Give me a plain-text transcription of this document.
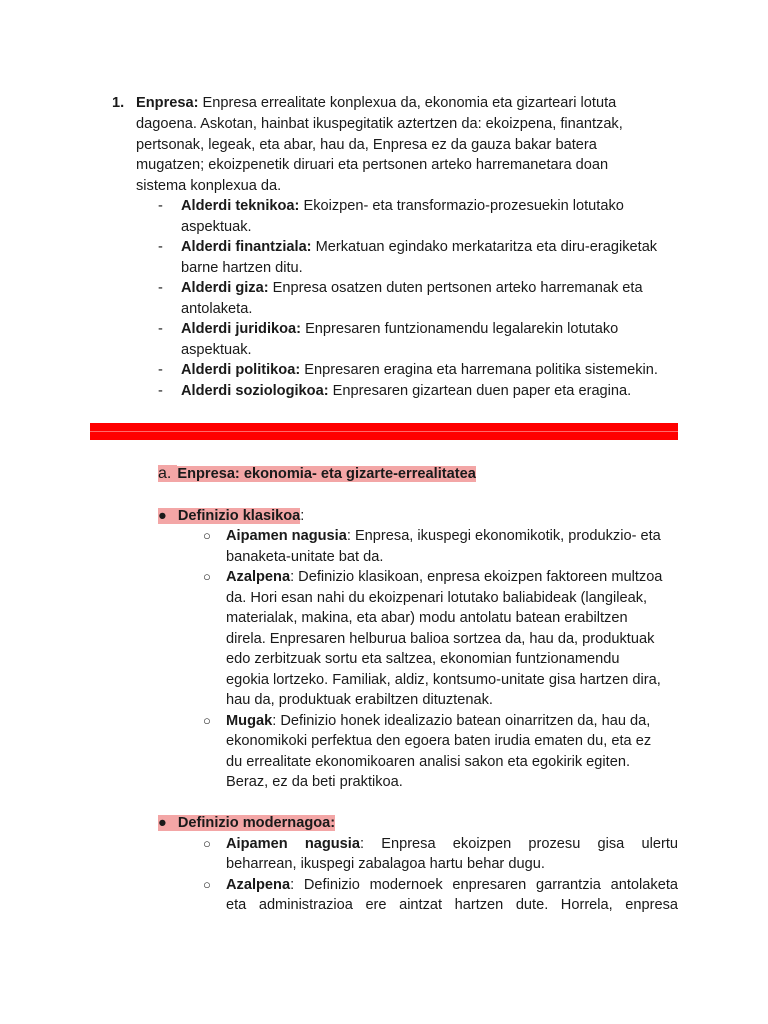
1. Enpresa: Enpresa errealitate konplexua da, ekonomia eta gizarteari lotuta
dagoena. Askotan, hainbat ikuspegitatik aztertzen da: ekoizpena, finantzak,
pertsonak, legeak, eta abar, hau da, Enpresa ez da gauza bakar batera
mugatzen; ekoizpenetik diruari eta pertsonen arteko harremanetara doan
sistema konplexua da.
- Alderdi teknikoa: Ekoizpen- eta transformazio-prozesuekin lotutako
aspektuak.
- Alderdi finantziala: Merkatuan egindako merkataritza eta diru-eragiketak
barne hartzen ditu.
- Alderdi giza: Enpresa osatzen duten pertsonen arteko harremanak eta
antolaketa.
- Alderdi juridikoa: Enpresaren funtzionamendu legalarekin lotutako
aspektuak.
- Alderdi politikoa: Enpresaren eragina eta harremana politika sistemekin.
- Alderdi soziologikoa: Enpresaren gizartean duen paper eta eragina.
a. Enpresa: ekonomia- eta gizarte-errealitatea
● Definizio klasikoa:
○ Aipamen nagusia: Enpresa, ikuspegi ekonomikotik, produkzio- eta
banaketa-unitate bat da.
○ Azalpena: Definizio klasikoan, enpresa ekoizpen faktoreen multzoa
da. Hori esan nahi du ekoizpenari lotutako baliabideak (langileak,
materialak, makina, eta abar) modu antolatu batean erabiltzen
direla. Enpresaren helburua balioa sortzea da, hau da, produktuak
edo zerbitzuak sortu eta saltzea, ekonomian funtzionamendu
egokia lortzeko. Familiak, aldiz, kontsumo-unitate gisa hartzen dira,
hau da, produktuak erabiltzen dituztenak.
○ Mugak: Definizio honek idealizazio batean oinarritzen da, hau da,
ekonomikoki perfektua den egoera baten irudia ematen du, eta ez
du errealitate ekonomikoaren analisi sakon eta egokirik egiten.
Beraz, ez da beti praktikoa.
● Definizio modernagoa:
○ Aipamen nagusia: Enpresa ekoizpen prozesu gisa ulertu
beharrean, ikuspegi zabalagoa hartu behar dugu.
○ Azalpena: Definizio modernoek enpresaren garrantzia antolaketa
eta administrazioa ere aintzat hartzen dute. Horrela, enpresa
